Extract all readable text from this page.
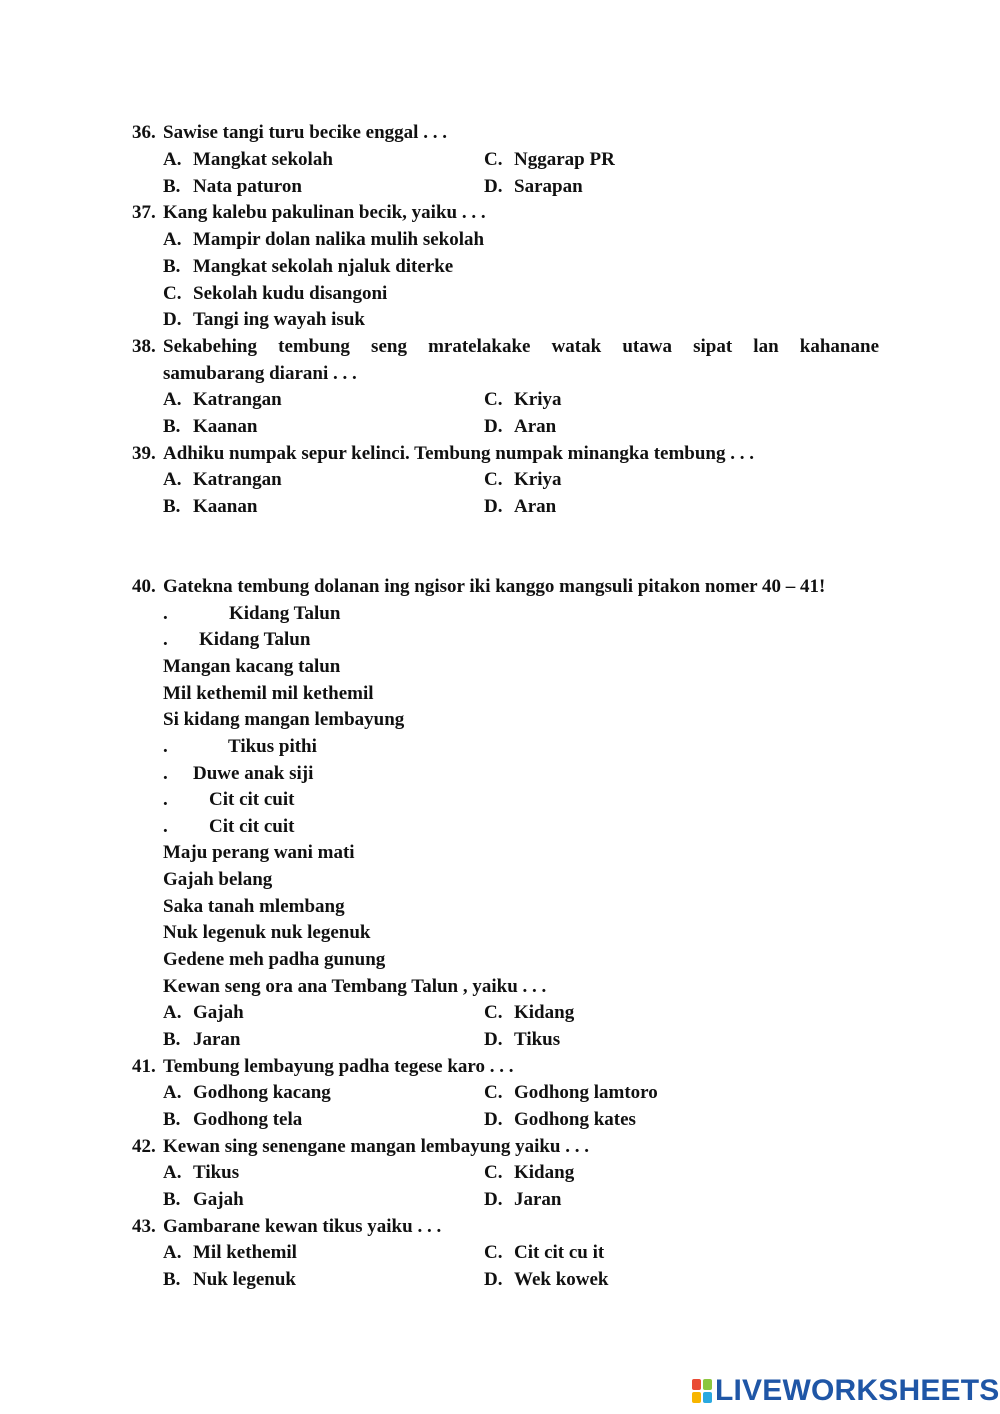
36. Sawise tangi turu becike enggal . . .
A. Mangkat sekolah	C. Nggarap PR
B. Nata paturon	D. Sarapan
37. Kang kalebu pakulinan becik, yaiku . . .
A. Mampir dolan nalika mulih sekolah
B. Mangkat sekolah njaluk diterke
C. Sekolah kudu disangoni
D. Tangi ing wayah isuk
38. Sekabehing tembung seng mratelakake watak utawa sipat lan kahanane
samubarang diarani . . .
A. Katrangan	C. Kriya
B. Kaanan	D. Aran
39. Adhiku numpak sepur kelinci. Tembung numpak minangka tembung . . .
A. Katrangan	C. Kriya
B. Kaanan	D. Aran
40. Gatekna tembung dolanan ing ngisor iki kanggo mangsuli pitakon nomer 40 – 41!
.	Kidang Talun
. Kidang Talun
Mangan kacang talun
Mil kethemil mil kethemil
Si kidang mangan lembayung
.	Tikus pithi
. Duwe anak siji
. Cit cit cuit
. Cit cit cuit
Maju perang wani mati
Gajah belang
Saka tanah mlembang
Nuk legenuk nuk legenuk
Gedene meh padha gunung
Kewan seng ora ana Tembang Talun , yaiku . . .
A. Gajah	C. Kidang
B. Jaran	D. Tikus
41. Tembung lembayung padha tegese karo . . .
A. Godhong kacang	C. Godhong lamtoro
B. Godhong tela	D. Godhong kates
42. Kewan sing senengane mangan lembayung yaiku . . .
A. Tikus	C. Kidang
B. Gajah	D. Jaran
43. Gambarane kewan tikus yaiku . . .
A. Mil kethemil	C. Cit cit cu it
B. Nuk legenuk	D. Wek kowek
LIVEWORKSHEETS
